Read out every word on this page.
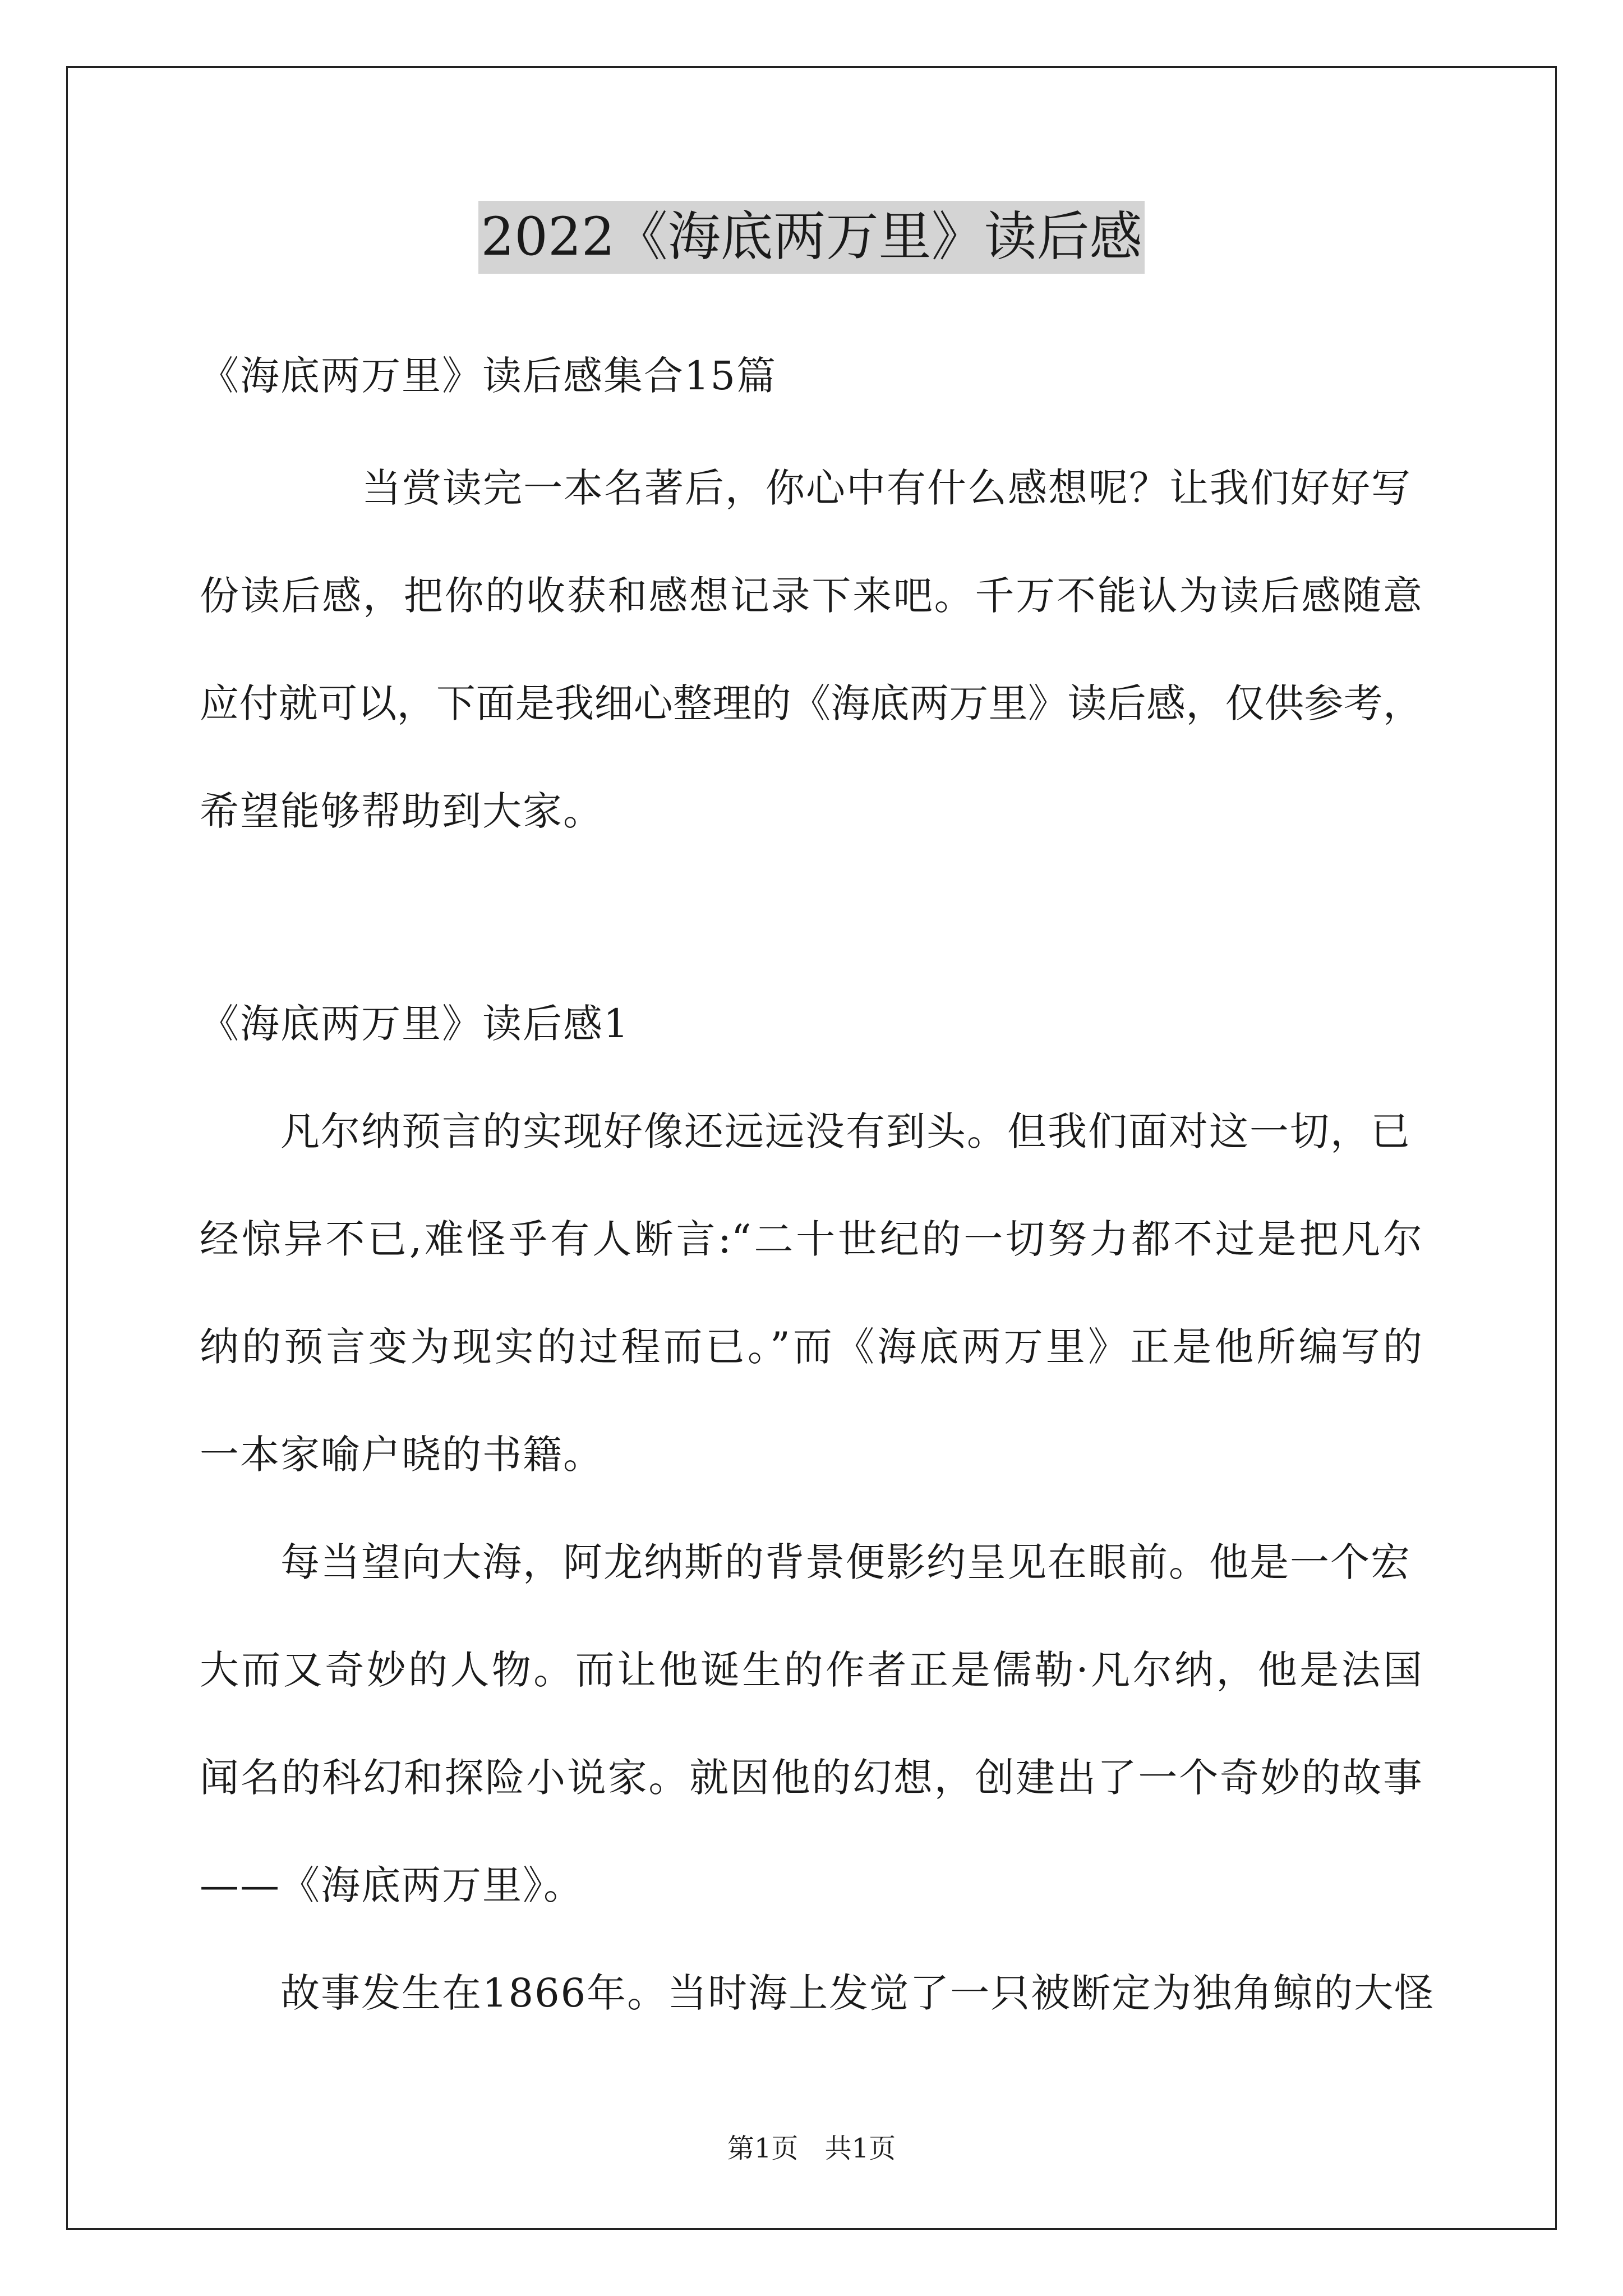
2022《海底两万里》读后感
《海底两万里》读后感集合15篇
当赏读完一本名著后，你心中有什么感想呢？让我们好好写
份读后感，把你的收获和感想记录下来吧。千万不能认为读后感随意
应付就可以，下面是我细心整理的《海底两万里》读后感，仅供参考，
希望能够帮助到大家。
《海底两万里》读后感1
凡尔纳预言的实现好像还远远没有到头。但我们面对这一切，已
经惊异不已,难怪乎有人断言:“二十世纪的一切努力都不过是把凡尔
纳的预言变为现实的过程而已。”而《海底两万里》正是他所编写的
一本家喻户晓的书籍。
每当望向大海，阿龙纳斯的背景便影约呈见在眼前。他是一个宏
大而又奇妙的人物。而让他诞生的作者正是儒勒·凡尔纳，他是法国
闻名的科幻和探险小说家。就因他的幻想，创建出了一个奇妙的故事
——《海底两万里》。
故事发生在1866年。当时海上发觉了一只被断定为独角鲸的大怪
第1页 共1页
